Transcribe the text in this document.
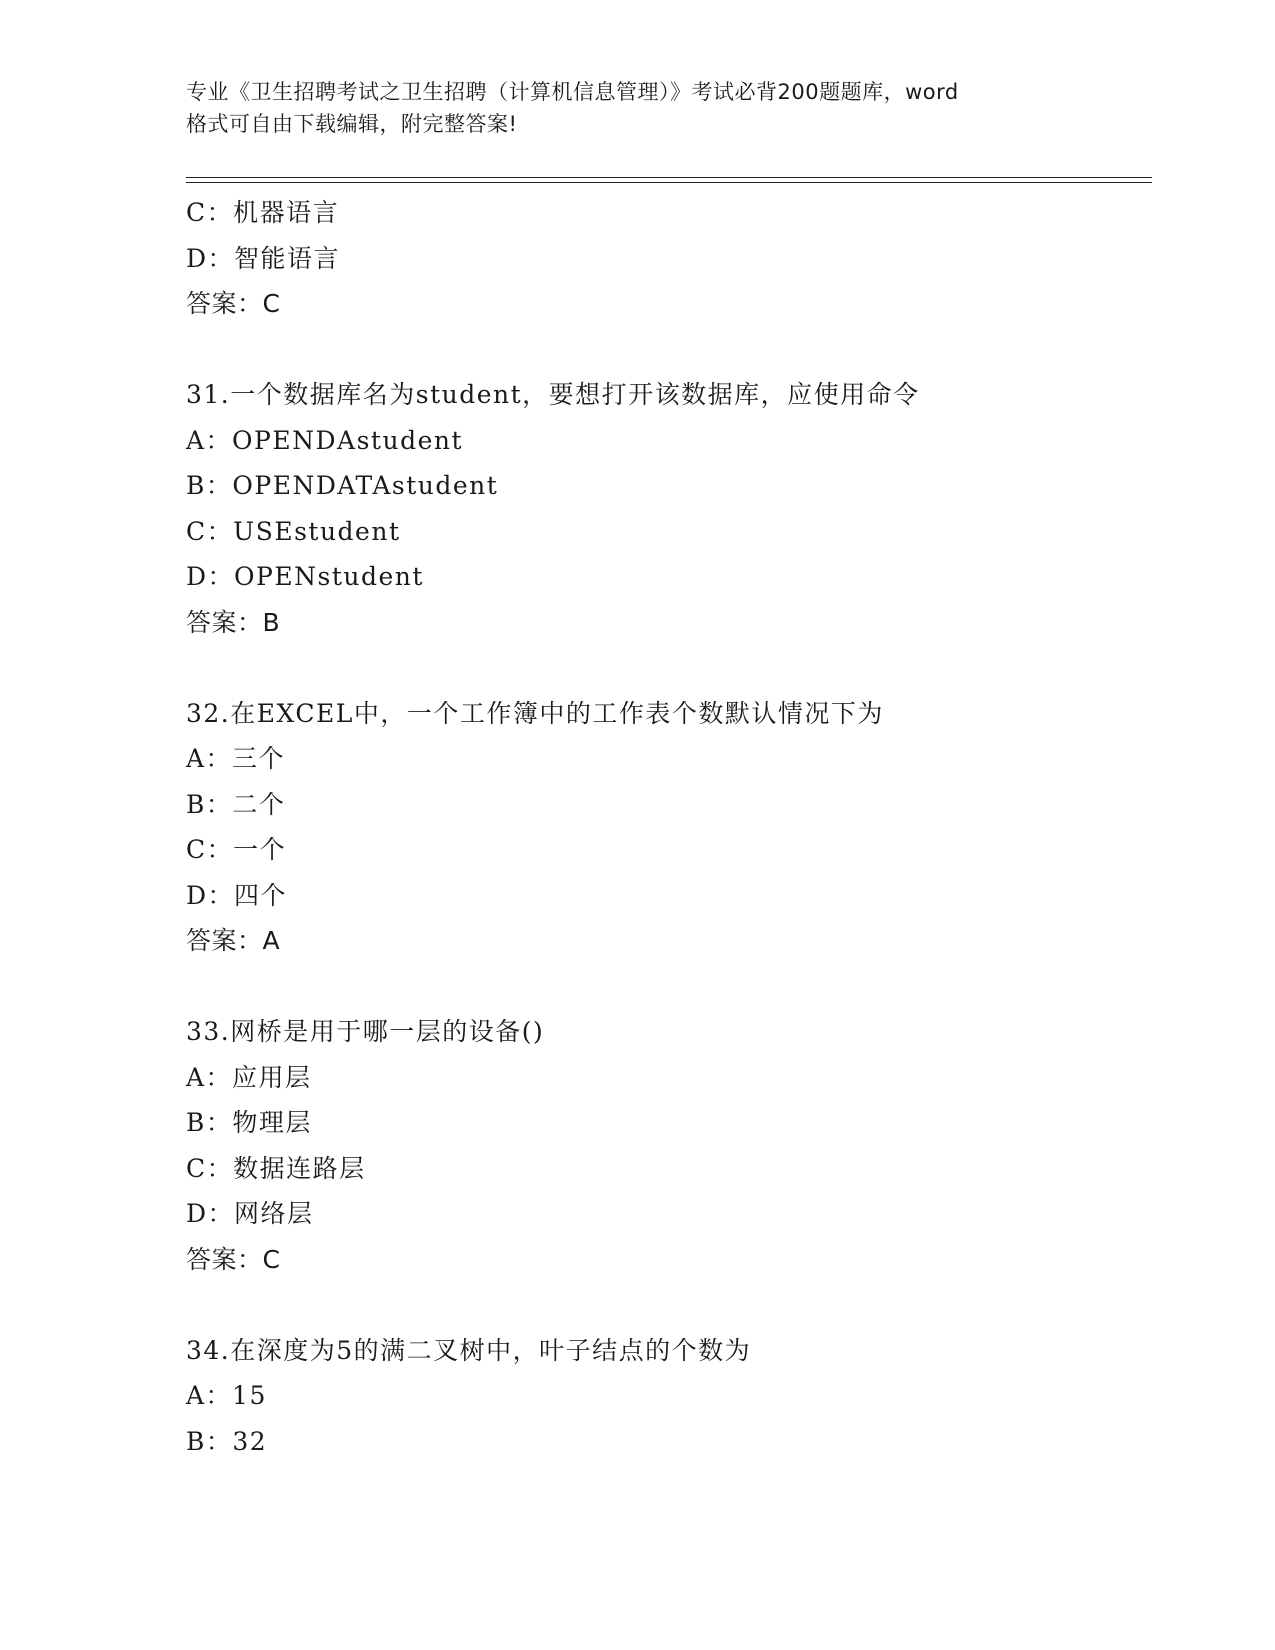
专业《卫生招聘考试之卫生招聘（计算机信息管理）》考试必背200题题库，word
格式可自由下载编辑，附完整答案!
C：机器语言
D：智能语言
答案：C
31.一个数据库名为student，要想打开该数据库，应使用命令
A：OPENDAstudent
B：OPENDATAstudent
C：USEstudent
D：OPENstudent
答案：B
32.在EXCEL中，一个工作簿中的工作表个数默认情况下为
A：三个
B：二个
C：一个
D：四个
答案：A
33.网桥是用于哪一层的设备()
A：应用层
B：物理层
C：数据连路层
D：网络层
答案：C
34.在深度为5的满二叉树中，叶子结点的个数为
A：15
B：32
